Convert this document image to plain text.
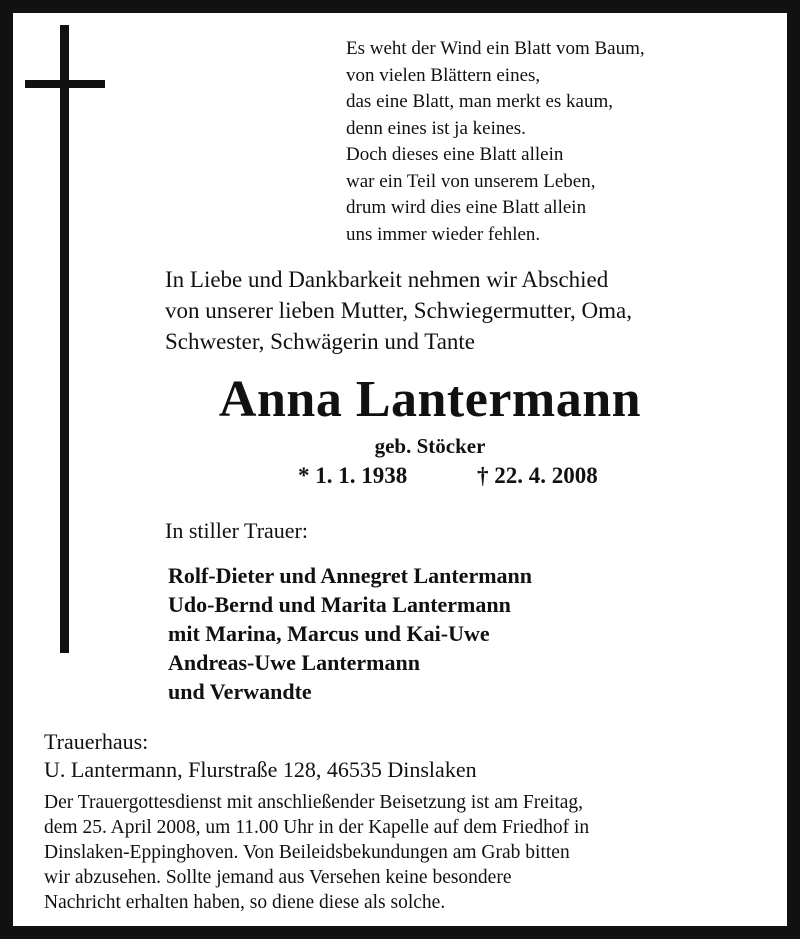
Es weht der Wind ein Blatt vom Baum,
von vielen Blättern eines,
das eine Blatt, man merkt es kaum,
denn eines ist ja keines.
Doch dieses eine Blatt allein
war ein Teil von unserem Leben,
drum wird dies eine Blatt allein
uns immer wieder fehlen.
In Liebe und Dankbarkeit nehmen wir Abschied
von unserer lieben Mutter, Schwiegermutter, Oma,
Schwester, Schwägerin und Tante
Anna Lantermann
geb. Stöcker
* 1. 1. 1938	† 22. 4. 2008
In stiller Trauer:
Rolf-Dieter und Annegret Lantermann
Udo-Bernd und Marita Lantermann
mit Marina, Marcus und Kai-Uwe
Andreas-Uwe Lantermann
und Verwandte
Trauerhaus:
U. Lantermann, Flurstraße 128, 46535 Dinslaken
Der Trauergottesdienst mit anschließender Beisetzung ist am Freitag,
dem 25. April 2008, um 11.00 Uhr in der Kapelle auf dem Friedhof in
Dinslaken-Eppinghoven. Von Beileidsbekundungen am Grab bitten
wir abzusehen. Sollte jemand aus Versehen keine besondere
Nachricht erhalten haben, so diene diese als solche.
